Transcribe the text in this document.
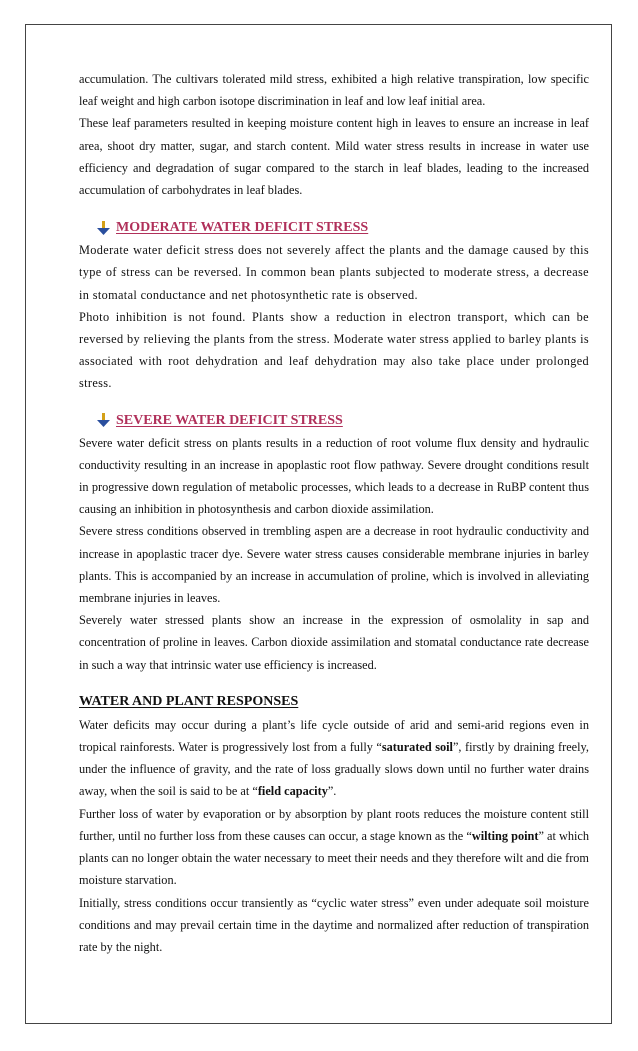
accumulation. The cultivars tolerated mild stress, exhibited a high relative transpiration, low specific leaf weight and high carbon isotope discrimination in leaf and low leaf initial area.

These leaf parameters resulted in keeping moisture content high in leaves to ensure an increase in leaf area, shoot dry matter, sugar, and starch content. Mild water stress results in increase in water use efficiency and degradation of sugar compared to the starch in leaf blades, leading to the increased accumulation of carbohydrates in leaf blades.

MODERATE WATER DEFICIT STRESS

Moderate water deficit stress does not severely affect the plants and the damage caused by this type of stress can be reversed. In common bean plants subjected to moderate stress, a decrease in stomatal conductance and net photosynthetic rate is observed.

Photo inhibition is not found. Plants show a reduction in electron transport, which can be reversed by relieving the plants from the stress. Moderate water stress applied to barley plants is associated with root dehydration and leaf dehydration may also take place under prolonged stress.

SEVERE WATER DEFICIT STRESS

Severe water deficit stress on plants results in a reduction of root volume flux density and hydraulic conductivity resulting in an increase in apoplastic root flow pathway. Severe drought conditions result in progressive down regulation of metabolic processes, which leads to a decrease in RuBP content thus causing an inhibition in photosynthesis and carbon dioxide assimilation.

Severe stress conditions observed in trembling aspen are a decrease in root hydraulic conductivity and increase in apoplastic tracer dye. Severe water stress causes considerable membrane injuries in barley plants. This is accompanied by an increase in accumulation of proline, which is involved in alleviating membrane injuries in leaves.

Severely water stressed plants show an increase in the expression of osmolality in sap and concentration of proline in leaves. Carbon dioxide assimilation and stomatal conductance rate decrease in such a way that intrinsic water use efficiency is increased.

WATER AND PLANT RESPONSES

Water deficits may occur during a plant’s life cycle outside of arid and semi-arid regions even in tropical rainforests. Water is progressively lost from a fully “saturated soil”, firstly by draining freely, under the influence of gravity, and the rate of loss gradually slows down until no further water drains away, when the soil is said to be at “field capacity”.

Further loss of water by evaporation or by absorption by plant roots reduces the moisture content still further, until no further loss from these causes can occur, a stage known as the “wilting point” at which plants can no longer obtain the water necessary to meet their needs and they therefore wilt and die from moisture starvation.

Initially, stress conditions occur transiently as “cyclic water stress” even under adequate soil moisture conditions and may prevail certain time in the daytime and normalized after reduction of transpiration rate by the night.
